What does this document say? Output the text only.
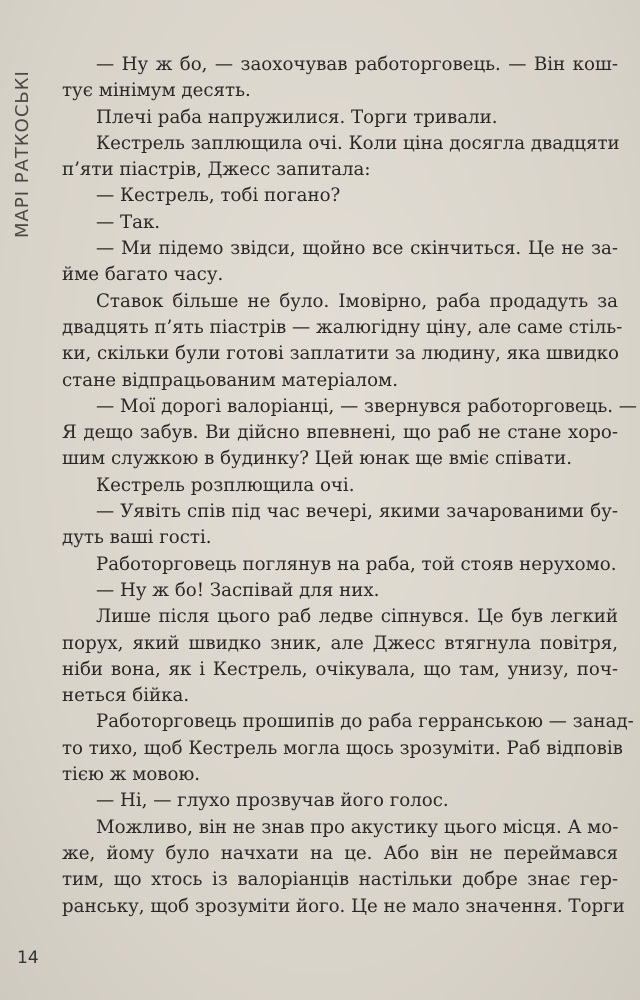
МАРІ РАТКОСЬКІ
— Ну ж бо, — заохочував работорговець. — Він кош-
тує мінімум десять.
Плечі раба напружилися. Торги тривали.
Кестрель заплющила очі. Коли ціна досягла двадцяти
п’яти піастрів, Джесс запитала:
— Кестрель, тобі погано?
— Так.
— Ми підемо звідси, щойно все скінчиться. Це не за-
йме багато часу.
Ставок більше не було. Імовірно, раба продадуть за
двадцять п’ять піастрів — жалюгідну ціну, але саме стіль-
ки, скільки були готові заплатити за людину, яка швидко
стане відпрацьованим матеріалом.
— Мої дорогі валоріанці, — звернувся работорговець. —
Я дещо забув. Ви дійсно впевнені, що раб не стане хоро-
шим служкою в будинку? Цей юнак ще вміє співати.
Кестрель розплющила очі.
— Уявіть спів під час вечері, якими зачарованими бу-
дуть ваші гості.
Работорговець поглянув на раба, той стояв нерухомо.
— Ну ж бо! Заспівай для них.
Лише після цього раб ледве сіпнувся. Це був легкий
порух, який швидко зник, але Джесс втягнула повітря,
ніби вона, як і Кестрель, очікувала, що там, унизу, поч-
неться бійка.
Работорговець прошипів до раба герранською — занад-
то тихо, щоб Кестрель могла щось зрозуміти. Раб відповів
тією ж мовою.
— Ні, — глухо прозвучав його голос.
Можливо, він не знав про акустику цього місця. А мо-
же, йому було начхати на це. Або він не переймався
тим, що хтось із валоріанців настільки добре знає гер-
ранську, щоб зрозуміти його. Це не мало значення. Торги
14
